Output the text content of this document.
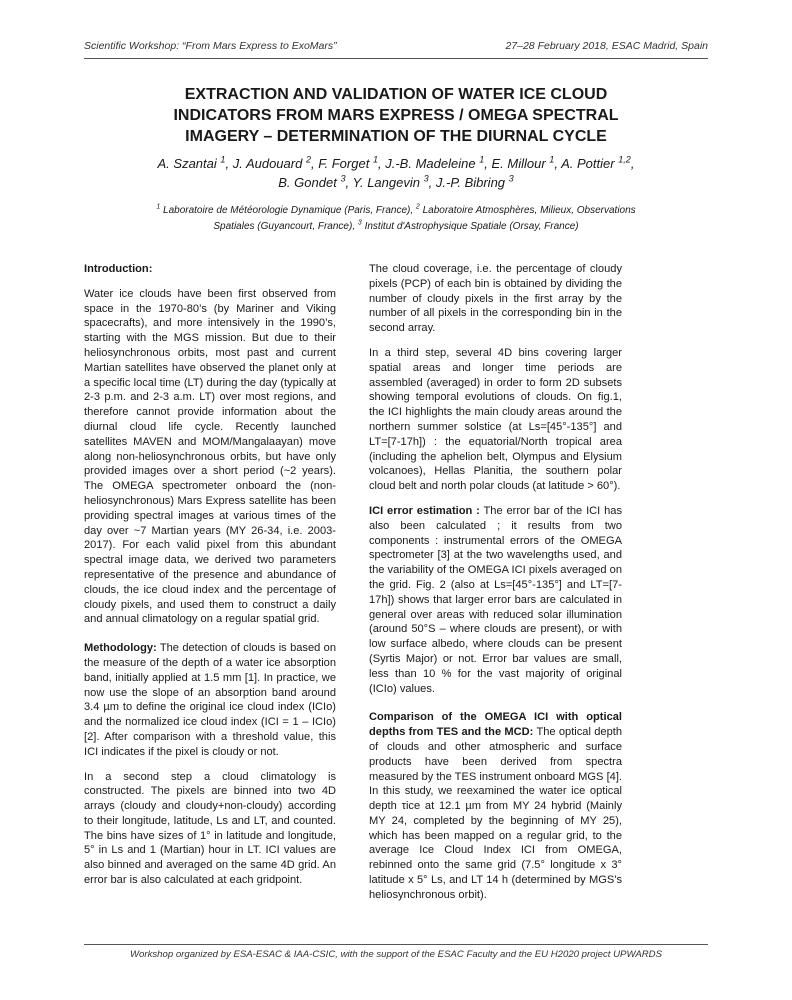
Scientific Workshop: “From Mars Express to ExoMars”	27–28 February 2018, ESAC Madrid, Spain
EXTRACTION AND VALIDATION OF WATER ICE CLOUD
INDICATORS FROM MARS EXPRESS / OMEGA SPECTRAL
IMAGERY – DETERMINATION OF THE DIURNAL CYCLE
A. Szantai $^1$, J. Audouard $^2$, F. Forget $^1$, J.-B. Madeleine $^1$, E. Millour $^1$, A. Pottier $^{1,2}$,
B. Gondet $^3$, Y. Langevin $^3$, J.-P. Bibring $^3$
$^1$ Laboratoire de Météorologie Dynamique (Paris, France), $^2$ Laboratoire Atmosphères, Milieux, Observations
Spatiales (Guyancourt, France), $^3$ Institut d'Astrophysique Spatiale (Orsay, France)

Introduction:

Water ice clouds have been first observed from space in the 1970-80’s (by Mariner and Viking spacecrafts), and more intensively in the 1990’s, starting with the MGS mission. But due to their heliosynchronous orbits, most past and current Martian satellites have observed the planet only at a specific local time (LT) during the day (typically at 2-3 p.m. and 2-3 a.m. LT) over most regions, and therefore cannot provide information about the diurnal cloud life cycle. Recently launched satellites MAVEN and MOM/Mangalaayan) move along non-heliosynchronous orbits, but have only provided images over a short period (~2 years). The OMEGA spectrometer onboard the (non-heliosynchronous) Mars Express satellite has been providing spectral images at various times of the day over ~7 Martian years (MY 26-34, i.e. 2003-2017). For each valid pixel from this abundant spectral image data, we derived two parameters representative of the presence and abundance of clouds, the ice cloud index and the percentage of cloudy pixels, and used them to construct a daily and annual climatology on a regular spatial grid.

Methodology: The detection of clouds is based on the measure of the depth of a water ice absorption band, initially applied at 1.5 mm [1]. In practice, we now use the slope of an absorption band around 3.4 µm to define the original ice cloud index (ICIo) and the normalized ice cloud index (ICI = 1 – ICIo) [2]. After comparison with a threshold value, this ICI indicates if the pixel is cloudy or not.

In a second step a cloud climatology is constructed. The pixels are binned into two 4D arrays (cloudy and cloudy+non-cloudy) according to their longitude, latitude, Ls and LT, and counted. The bins have sizes of 1° in latitude and longitude, 5° in Ls and 1 (Martian) hour in LT. ICI values are also binned and averaged on the same 4D grid. An error bar is also calculated at each gridpoint.

The cloud coverage, i.e. the percentage of cloudy pixels (PCP) of each bin is obtained by dividing the number of cloudy pixels in the first array by the number of all pixels in the corresponding bin in the second array.

In a third step, several 4D bins covering larger spatial areas and longer time periods are assembled (averaged) in order to form 2D subsets showing temporal evolutions of clouds. On fig.1, the ICI highlights the main cloudy areas around the northern summer solstice (at Ls=[45°-135°] and LT=[7-17h]) : the equatorial/North tropical area (including the aphelion belt, Olympus and Elysium volcanoes), Hellas Planitia, the southern polar cloud belt and north polar clouds (at latitude > 60°).

ICI error estimation : The error bar of the ICI has also been calculated ; it results from two components : instrumental errors of the OMEGA spectrometer [3] at the two wavelengths used, and the variability of the OMEGA ICI pixels averaged on the grid. Fig. 2 (also at Ls=[45°-135°] and LT=[7-17h]) shows that larger error bars are calculated in general over areas with reduced solar illumination (around 50°S – where clouds are present), or with low surface albedo, where clouds can be present (Syrtis Major) or not. Error bar values are small, less than 10 % for the vast majority of original (ICIo) values.

Comparison of the OMEGA ICI with optical depths from TES and the MCD: The optical depth of clouds and other atmospheric and surface products have been derived from spectra measured by the TES instrument onboard MGS [4]. In this study, we reexamined the water ice optical depth τice at 12.1 µm from MY 24 hybrid (Mainly MY 24, completed by the beginning of MY 25), which has been mapped on a regular grid, to the average Ice Cloud Index ICI from OMEGA, rebinned onto the same grid (7.5° longitude x 3° latitude x 5° Ls, and LT 14 h (determined by MGS's heliosynchronous orbit).

Workshop organized by ESA-ESAC & IAA-CSIC, with the support of the ESAC Faculty and the EU H2020 project UPWARDS
